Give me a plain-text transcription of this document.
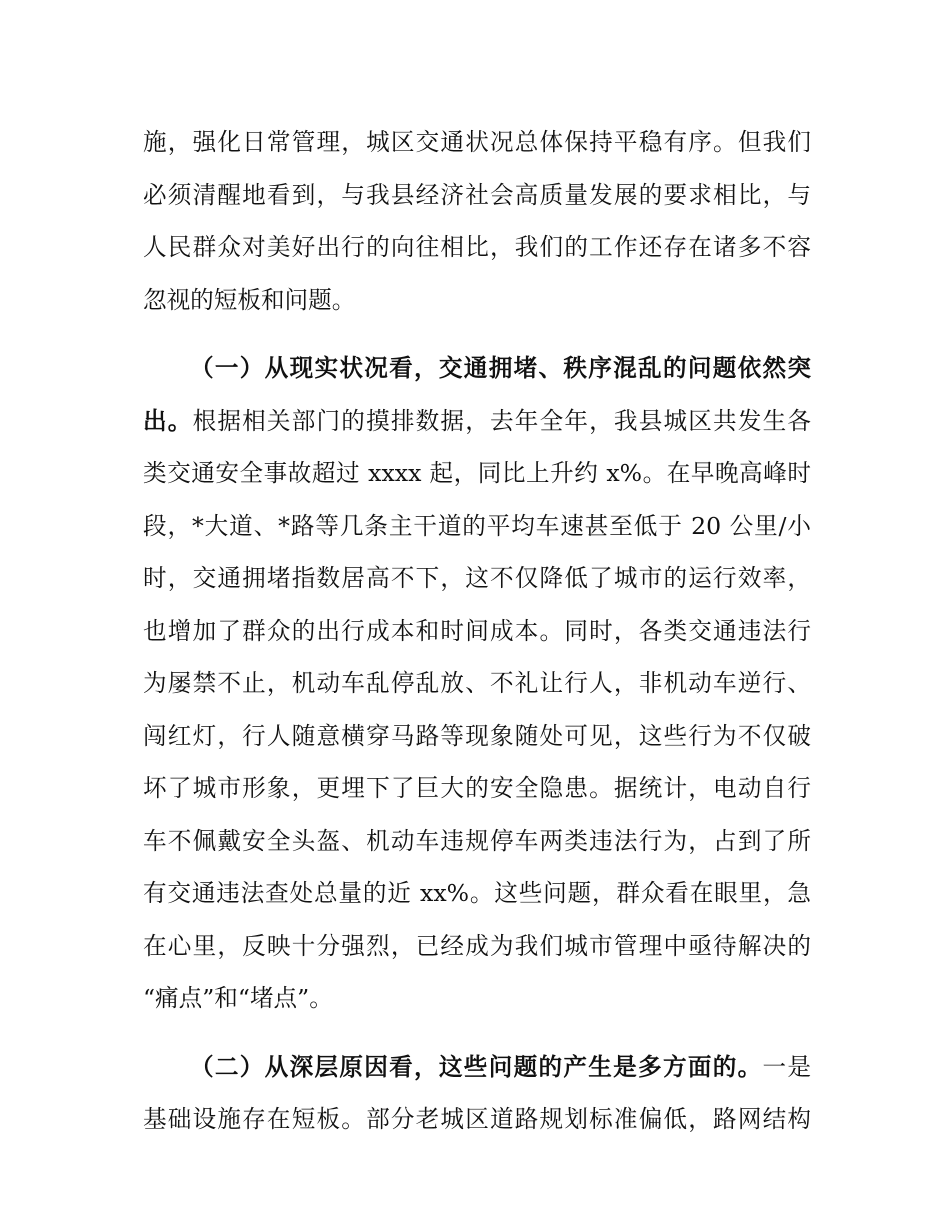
施，强化日常管理，城区交通状况总体保持平稳有序。但我们
必须清醒地看到，与我县经济社会高质量发展的要求相比，与
人民群众对美好出行的向往相比，我们的工作还存在诸多不容
忽视的短板和问题。
（一）从现实状况看，交通拥堵、秩序混乱的问题依然突
出。根据相关部门的摸排数据，去年全年，我县城区共发生各
类交通安全事故超过 xxxx 起，同比上升约 x%。在早晚高峰时
段，*大道、*路等几条主干道的平均车速甚至低于 20 公里/小
时，交通拥堵指数居高不下，这不仅降低了城市的运行效率，
也增加了群众的出行成本和时间成本。同时，各类交通违法行
为屡禁不止，机动车乱停乱放、不礼让行人，非机动车逆行、
闯红灯，行人随意横穿马路等现象随处可见，这些行为不仅破
坏了城市形象，更埋下了巨大的安全隐患。据统计，电动自行
车不佩戴安全头盔、机动车违规停车两类违法行为，占到了所
有交通违法查处总量的近 xx%。这些问题，群众看在眼里，急
在心里，反映十分强烈，已经成为我们城市管理中亟待解决的
“痛点”和“堵点”。
（二）从深层原因看，这些问题的产生是多方面的。一是
基础设施存在短板。部分老城区道路规划标准偏低，路网结构
